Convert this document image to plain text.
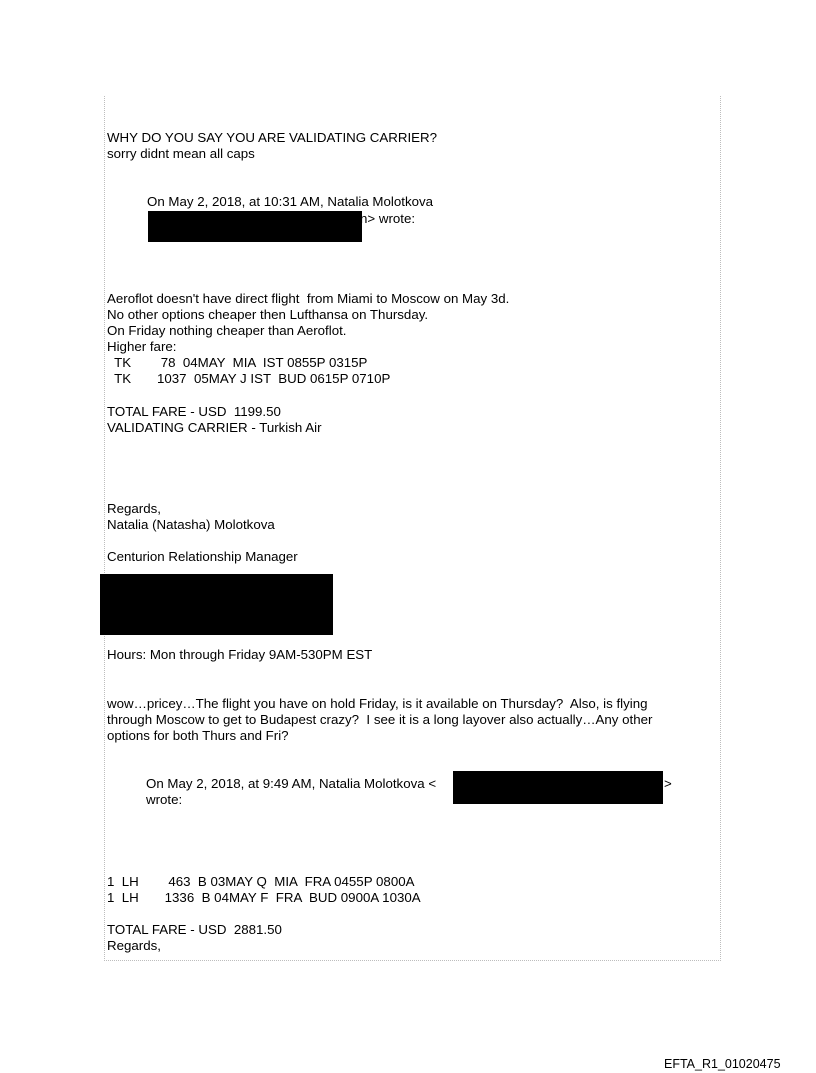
WHY DO YOU SAY YOU ARE VALIDATING CARRIER?
sorry didnt mean all caps
On May 2, 2018, at 10:31 AM, Natalia Molotkova
n> wrote:
Aeroflot doesn't have direct flight  from Miami to Moscow on May 3d.
No other options cheaper then Lufthansa on Thursday.
On Friday nothing cheaper than Aeroflot.
Higher fare:
TK        78  04MAY  MIA  IST 0855P 0315P
TK       1037  05MAY J IST  BUD 0615P 0710P
TOTAL FARE - USD  1199.50
VALIDATING CARRIER - Turkish Air
Regards,
Natalia (Natasha) Molotkova
Centurion Relationship Manager
Hours: Mon through Friday 9AM-530PM EST
wow…pricey…The flight you have on hold Friday, is it available on Thursday?  Also, is flying
through Moscow to get to Budapest crazy?  I see it is a long layover also actually…Any other
options for both Thurs and Fri?
On May 2, 2018, at 9:49 AM, Natalia Molotkova <	>
wrote:
1  LH        463  B 03MAY Q  MIA  FRA 0455P 0800A
1  LH       1336  B 04MAY F  FRA  BUD 0900A 1030A
TOTAL FARE - USD  2881.50
Regards,
EFTA_R1_01020475
